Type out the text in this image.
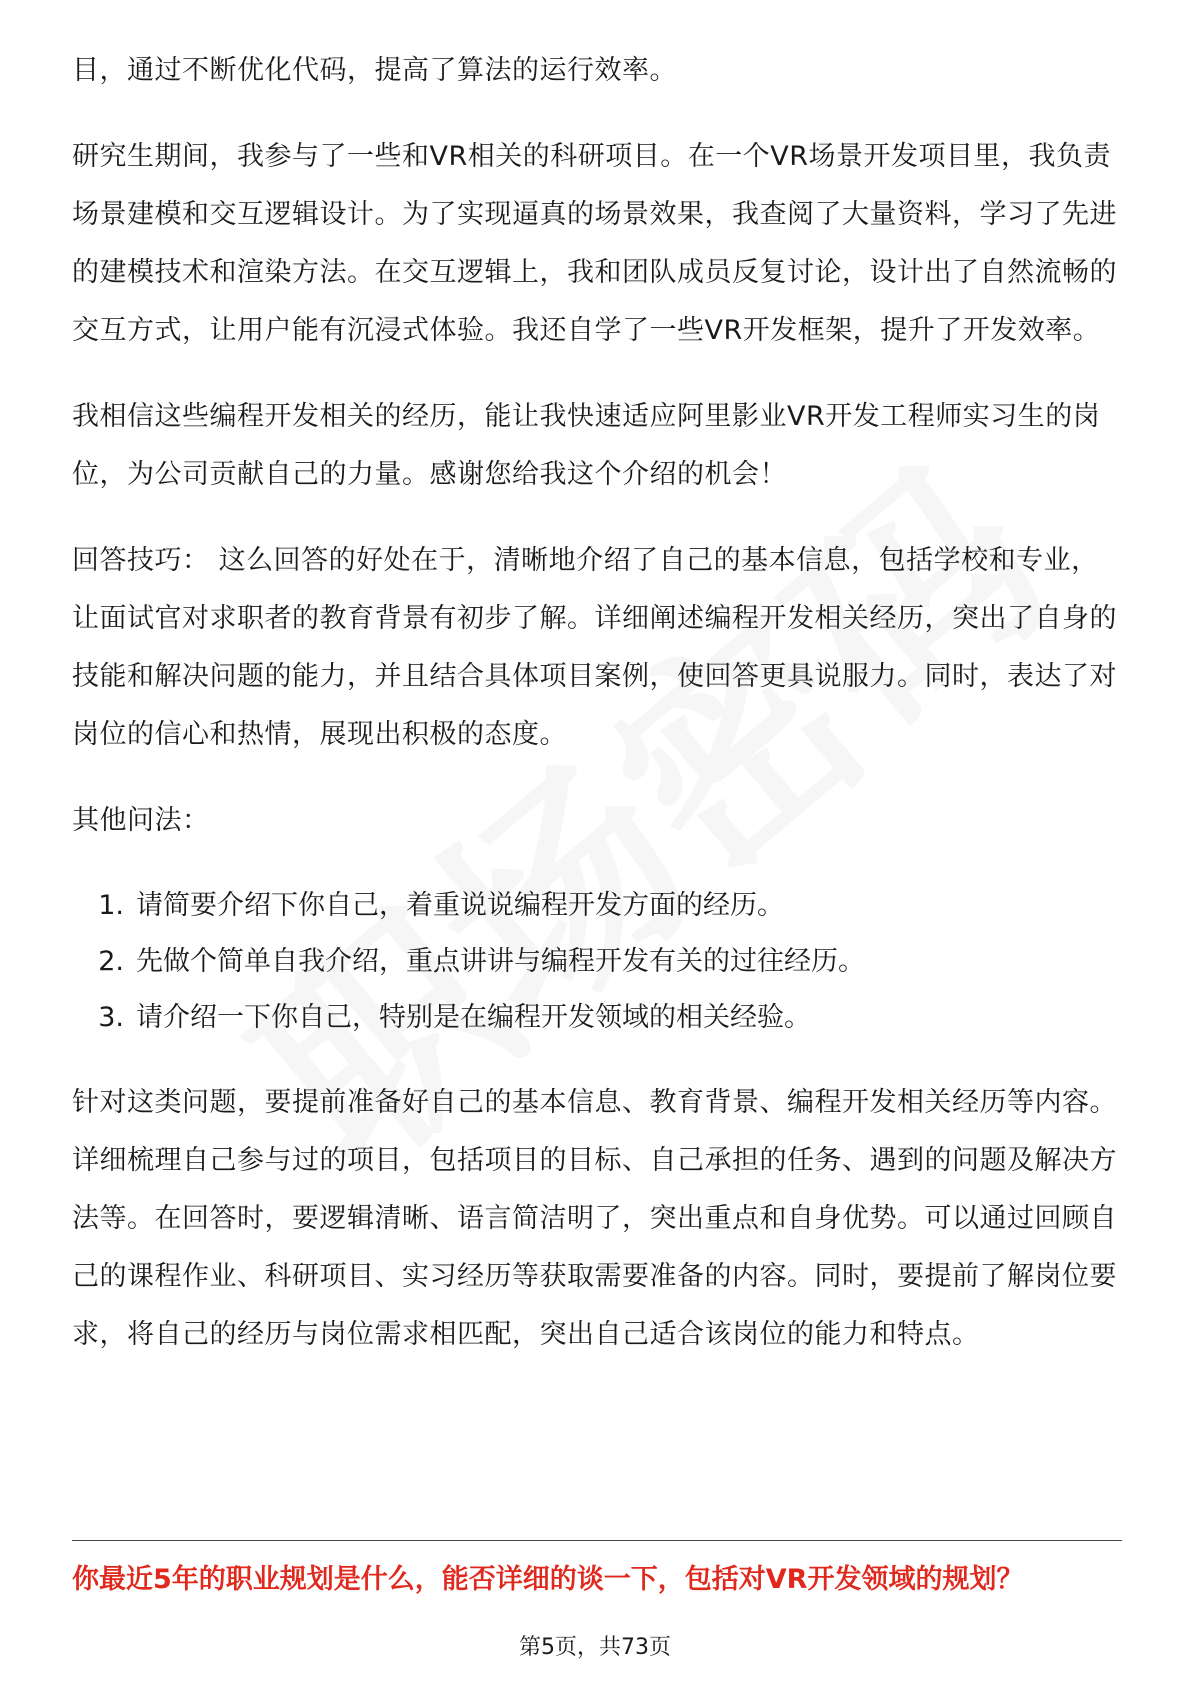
目，通过不断优化代码，提高了算法的运行效率。

研究生期间，我参与了一些和VR相关的科研项目。在一个VR场景开发项目里，我负责场景建模和交互逻辑设计。为了实现逼真的场景效果，我查阅了大量资料，学习了先进的建模技术和渲染方法。在交互逻辑上，我和团队成员反复讨论，设计出了自然流畅的交互方式，让用户能有沉浸式体验。我还自学了一些VR开发框架，提升了开发效率。

我相信这些编程开发相关的经历，能让我快速适应阿里影业VR开发工程师实习生的岗位，为公司贡献自己的力量。感谢您给我这个介绍的机会！

回答技巧： 这么回答的好处在于，清晰地介绍了自己的基本信息，包括学校和专业，让面试官对求职者的教育背景有初步了解。详细阐述编程开发相关经历，突出了自身的技能和解决问题的能力，并且结合具体项目案例，使回答更具说服力。同时，表达了对岗位的信心和热情，展现出积极的态度。

其他问法：

1. 请简要介绍下你自己，着重说说编程开发方面的经历。
2. 先做个简单自我介绍，重点讲讲与编程开发有关的过往经历。
3. 请介绍一下你自己，特别是在编程开发领域的相关经验。

针对这类问题，要提前准备好自己的基本信息、教育背景、编程开发相关经历等内容。详细梳理自己参与过的项目，包括项目的目标、自己承担的任务、遇到的问题及解决方法等。在回答时，要逻辑清晰、语言简洁明了，突出重点和自身优势。可以通过回顾自己的课程作业、科研项目、实习经历等获取需要准备的内容。同时，要提前了解岗位要求，将自己的经历与岗位需求相匹配，突出自己适合该岗位的能力和特点。

你最近5年的职业规划是什么，能否详细的谈一下，包括对VR开发领域的规划？
第5页，共73页
